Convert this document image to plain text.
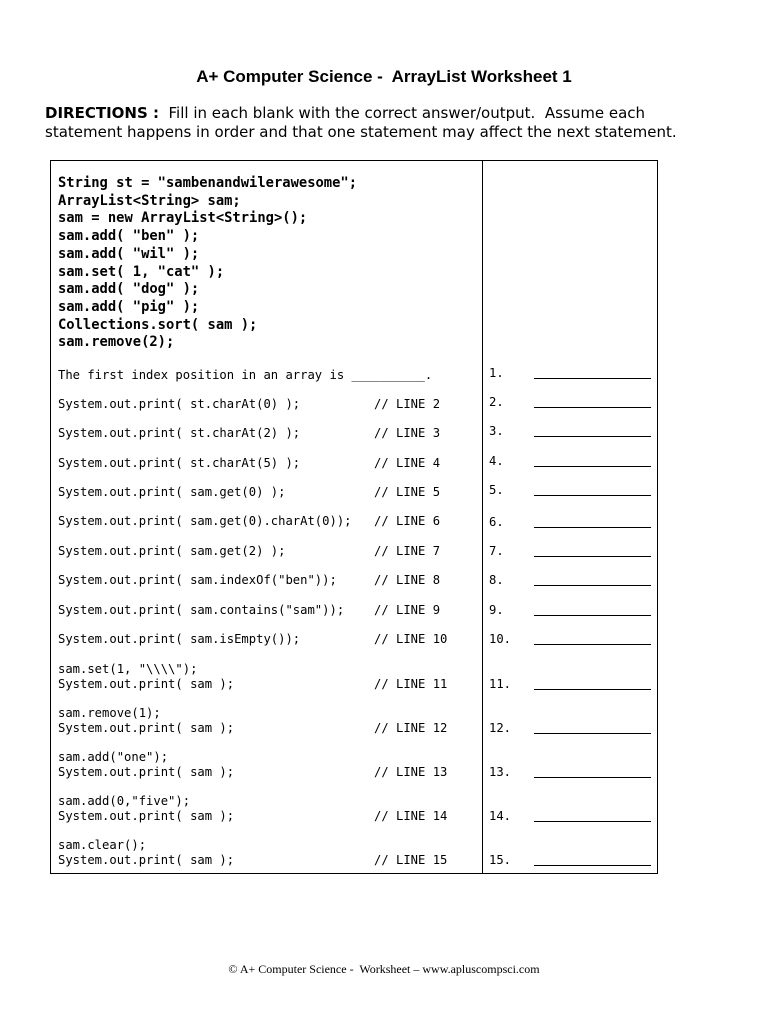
A+ Computer Science -  ArrayList Worksheet 1
DIRECTIONS :  Fill in each blank with the correct answer/output.  Assume each
statement happens in order and that one statement may affect the next statement.
String st = "sambenandwilerawesome";
ArrayList<String> sam;
sam = new ArrayList<String>();
sam.add( "ben" );
sam.add( "wil" );
sam.set( 1, "cat" );
sam.add( "dog" );
sam.add( "pig" );
Collections.sort( sam );
sam.remove(2);
The first index position in an array is __________.	1.
System.out.print( st.charAt(0) );	// LINE 2	2.
System.out.print( st.charAt(2) );	// LINE 3	3.
System.out.print( st.charAt(5) );	// LINE 4	4.
System.out.print( sam.get(0) );	// LINE 5	5.
System.out.print( sam.get(0).charAt(0)); // LINE 6	6.
System.out.print( sam.get(2) );	// LINE 7	7.
System.out.print( sam.indexOf("ben"));	// LINE 8	8.
System.out.print( sam.contains("sam")); // LINE 9	9.
System.out.print( sam.isEmpty());	// LINE 10	10.
sam.set(1, "\\\\");
System.out.print( sam );	// LINE 11	11.
sam.remove(1);
System.out.print( sam );	// LINE 12	12.
sam.add("one");
System.out.print( sam );	// LINE 13	13.
sam.add(0,"five");
System.out.print( sam );	// LINE 14	14.
sam.clear();
System.out.print( sam );	// LINE 15	15.
© A+ Computer Science -  Worksheet – www.apluscompsci.com
